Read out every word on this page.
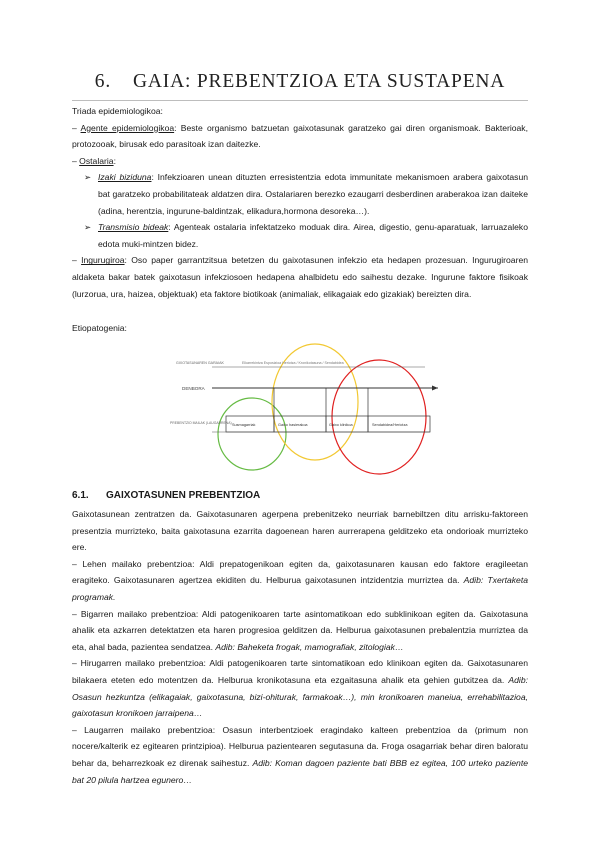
6. GAIA: PREBENTZIOA ETA SUSTAPENA

Triada epidemiologikoa:

– Agente epidemiologikoa: Beste organismo batzuetan gaixotasunak garatzeko gai diren organismoak. Bakterioak, protozooak, birusak edo parasitoak izan daitezke.

– Ostalaria:

➢ Izaki biziduna: Infekzioaren unean dituzten erresistentzia edota immunitate mekanismoen arabera gaixotasun bat garatzeko probabilitateak aldatzen dira. Ostalariaren berezko ezaugarri desberdinen araberakoa izan daiteke (adina, herentzia, ingurune-baldintzak, elikadura,hormona desoreka…).

➢ Transmisio bideak: Agenteak ostalaria infektatzeko moduak dira. Airea, digestio, genu-aparatuak, larruazaleko edota muki-mintzen bidez.

– Ingurugiroa: Oso paper garrantzitsua betetzen du gaixotasunen infekzio eta hedapen prozesuan. Ingurugiroaren aldaketa bakar batek gaixotasun infekziosoen hedapena ahalbidetu edo saihestu dezake. Ingurune faktore fisikoak (lurzorua, ura, haizea, objektuak) eta faktore biotikoak (animaliak, elikagaiak edo gizakiak) bereizten dira.

Etiopatogenia:
GIXOTASUNAREN GARAIAK
DENBORA
PREBENTZIO MAILAK (LAUGARRENA)
Elkarrekintza Esposizioa Heriotza / Kronikotasuna / Sendabidea
Susmagarriak	Gaixo hasierakoa	Gaixo klinikoa	Sendabidea/Heriotza
6.1. GAIXOTASUNEN PREBENTZIOA

Gaixotasunean zentratzen da. Gaixotasunaren agerpena prebenitzeko neurriak barnebiltzen ditu arrisku-faktoreen presentzia murrizteko, baita gaixotasuna ezarrita dagoenean haren aurrerapena gelditzeko eta ondorioak murrizteko ere.

– Lehen mailako prebentzioa: Aldi prepatogenikoan egiten da, gaixotasunaren kausan edo faktore eragileetan eragiteko. Gaixotasunaren agertzea ekiditen du. Helburua gaixotasunen intzidentzia murriztea da. Adib: Txertaketa programak.

– Bigarren mailako prebentzioa: Aldi patogenikoaren tarte asintomatikoan edo subklinikoan egiten da. Gaixotasuna ahalik eta azkarren detektatzen eta haren progresioa gelditzen da. Helburua gaixotasunen prebalentzia murriztea da eta, ahal bada, pazientea sendatzea. Adib: Baheketa frogak, mamografiak, zitologiak…

– Hirugarren mailako prebentzioa: Aldi patogenikoaren tarte sintomatikoan edo klinikoan egiten da. Gaixotasunaren bilakaera eteten edo motentzen da. Helburua kronikotasuna eta ezgaitasuna ahalik eta gehien gutxitzea da. Adib: Osasun hezkuntza (elikagaiak, gaixotasuna, bizi-ohiturak, farmakoak…), min kronikoaren maneiua, errehabilitazioa, gaixotasun kronikoen jarraipena…

– Laugarren mailako prebentzioa: Osasun interbentzioek eragindako kalteen prebentzioa da (primum non nocere/kalterik ez egitearen printzipioa). Helburua pazientearen segutasuna da. Froga osagarriak behar diren baloratu behar da, beharrezkoak ez direnak saihestuz. Adib: Koman dagoen paziente bati BBB ez egitea, 100 urteko paziente bat 20 pilula hartzea egunero…
